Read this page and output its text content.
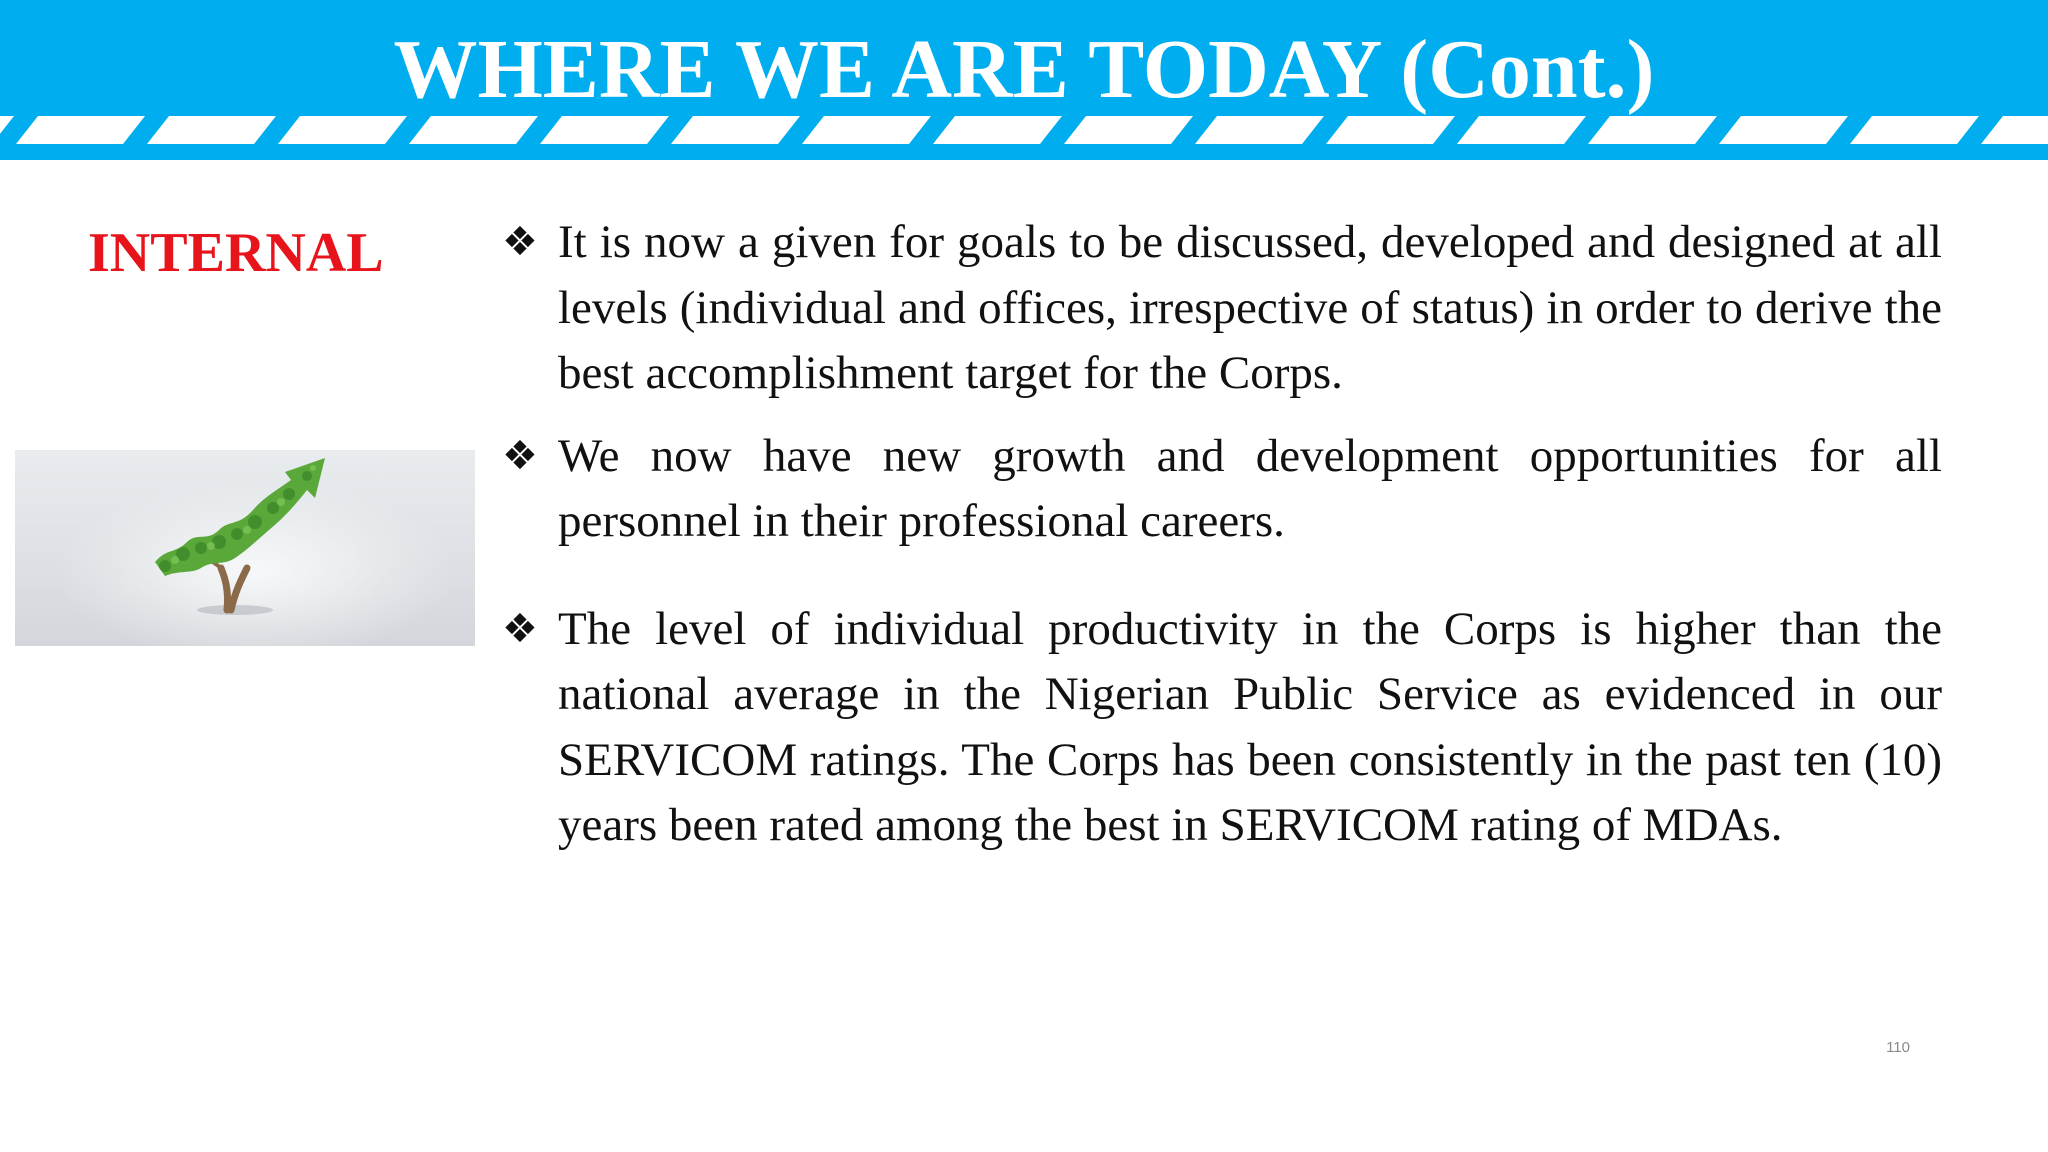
WHERE WE ARE TODAY (Cont.)
INTERNAL	❖ It is now a given for goals to be discussed, developed and designed at all levels (individual and offices, irrespective of status) in order to derive the best accomplishment target for the Corps.
❖ We now have new growth and development opportunities for all personnel in their professional careers.
❖ The level of individual productivity in the Corps is higher than the national average in the Nigerian Public Service as evidenced in our SERVICOM ratings. The Corps has been consistently in the past ten (10) years been rated among the best in SERVICOM rating of MDAs.
110
